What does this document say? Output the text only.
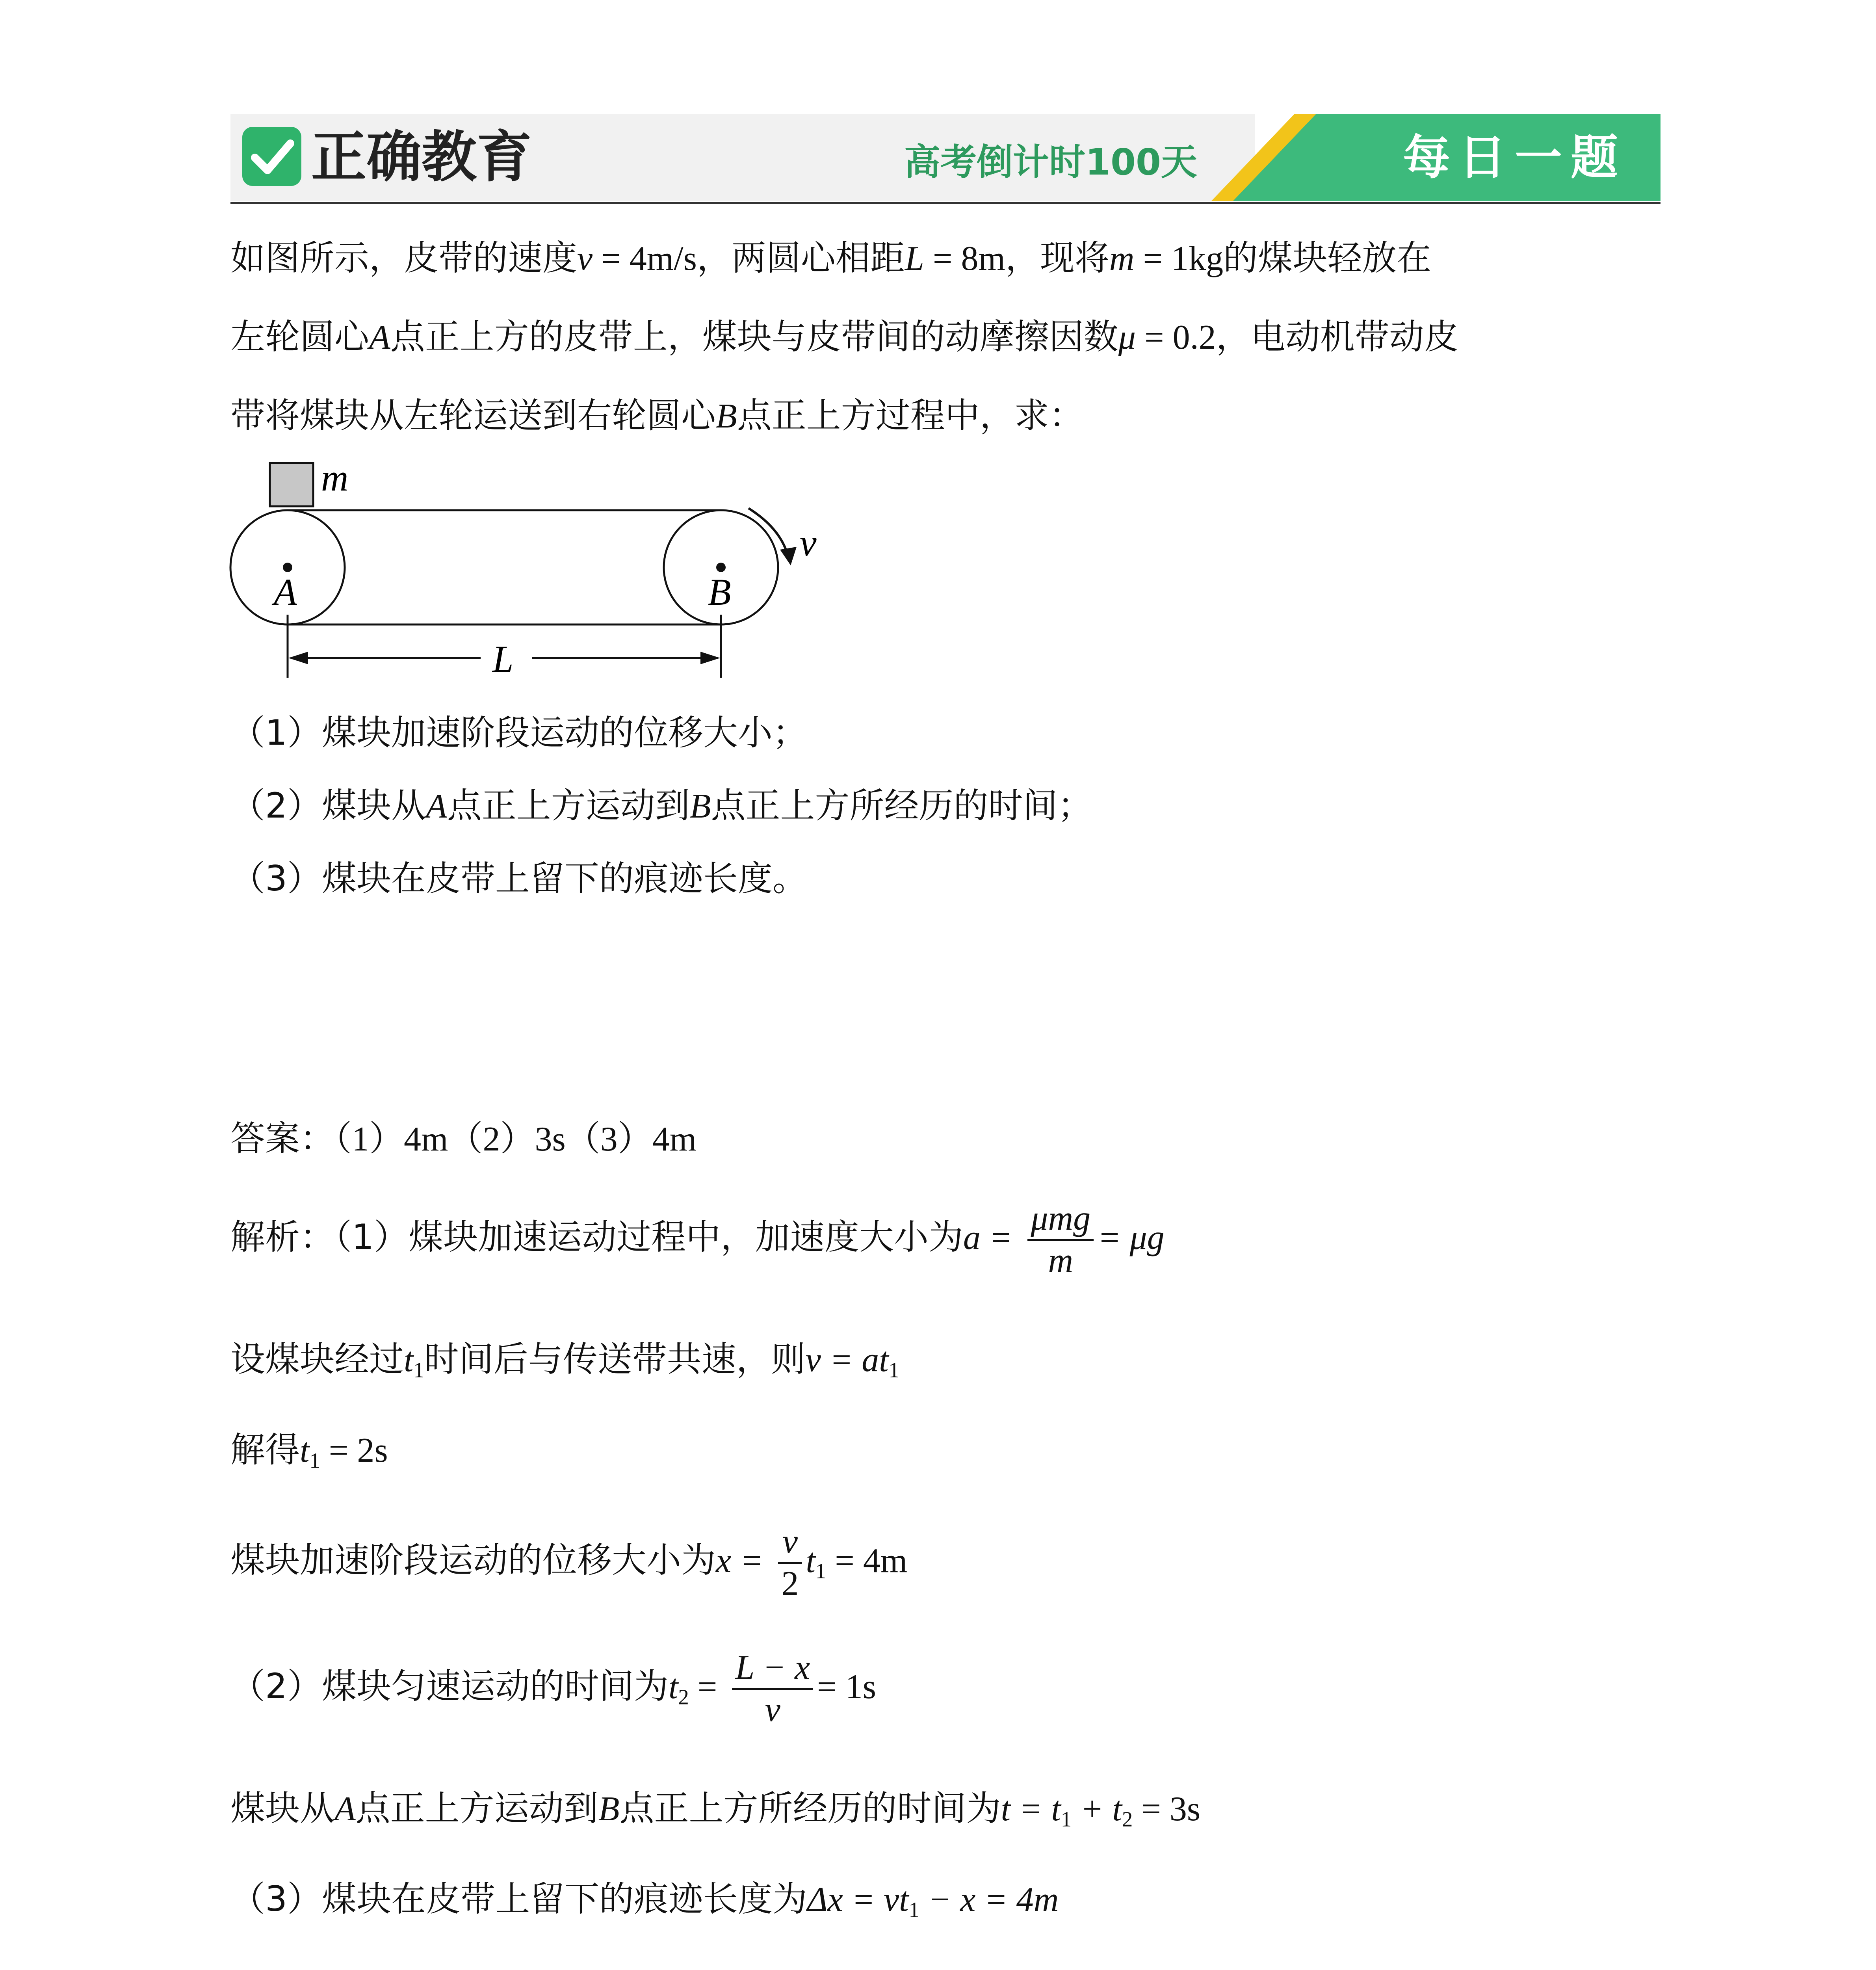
正确教育	高考倒计时100天	每日一题
如图所示，皮带的速度v = 4m/s，两圆心相距L = 8m，现将m = 1kg的煤块轻放在
左轮圆心A点正上方的皮带上，煤块与皮带间的动摩擦因数μ = 0.2，电动机带动皮
带将煤块从左轮运送到右轮圆心B点正上方过程中，求：
m
A	B
v
L
（1）煤块加速阶段运动的位移大小；
（2）煤块从A点正上方运动到B点正上方所经历的时间；
（3）煤块在皮带上留下的痕迹长度。
答案：（1）4m（2）3s（3）4m
解析：（1）煤块加速运动过程中，加速度大小为$a = \frac{\text{μmg}}{m} = \mu g$
设煤块经过$t_1$时间后与传送带共速，则$v = at_1$
解得$t_1 = 2s$
煤块加速阶段运动的位移大小为$x = \frac{v}{2} t_1 = 4m$
（2）煤块匀速运动的时间为$t_2 = \frac{L - x}{v} = 1s$
煤块从A点正上方运动到B点正上方所经历的时间为$t = t_1 + t_2 = 3s$
（3）煤块在皮带上留下的痕迹长度为$\Delta x = vt_1 - x = 4m$
